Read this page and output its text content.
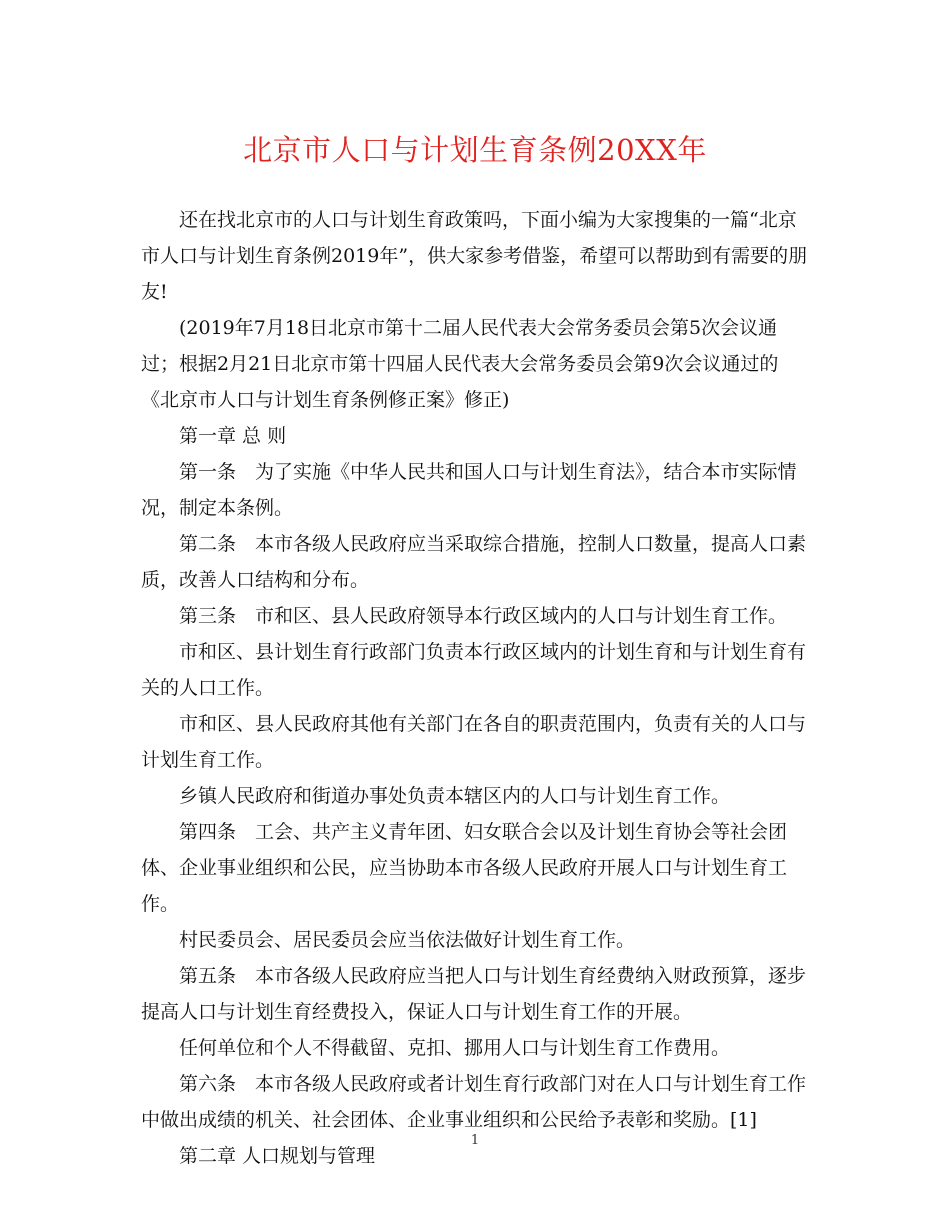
北京市人口与计划生育条例20XX年

还在找北京市的人口与计划生育政策吗，下面小编为大家搜集的一篇“北京市人口与计划生育条例2019年”，供大家参考借鉴，希望可以帮助到有需要的朋友!

(2019年7月18日北京市第十二届人民代表大会常务委员会第5次会议通过；根据2月21日北京市第十四届人民代表大会常务委员会第9次会议通过的《北京市人口与计划生育条例修正案》修正)

第一章 总 则

第一条　为了实施《中华人民共和国人口与计划生育法》，结合本市实际情况，制定本条例。

第二条　本市各级人民政府应当采取综合措施，控制人口数量，提高人口素质，改善人口结构和分布。

第三条　市和区、县人民政府领导本行政区域内的人口与计划生育工作。

市和区、县计划生育行政部门负责本行政区域内的计划生育和与计划生育有关的人口工作。

市和区、县人民政府其他有关部门在各自的职责范围内，负责有关的人口与计划生育工作。

乡镇人民政府和街道办事处负责本辖区内的人口与计划生育工作。

第四条　工会、共产主义青年团、妇女联合会以及计划生育协会等社会团体、企业事业组织和公民，应当协助本市各级人民政府开展人口与计划生育工作。

村民委员会、居民委员会应当依法做好计划生育工作。

第五条　本市各级人民政府应当把人口与计划生育经费纳入财政预算，逐步提高人口与计划生育经费投入，保证人口与计划生育工作的开展。

任何单位和个人不得截留、克扣、挪用人口与计划生育工作费用。

第六条　本市各级人民政府或者计划生育行政部门对在人口与计划生育工作中做出成绩的机关、社会团体、企业事业组织和公民给予表彰和奖励。[1]

第二章 人口规划与管理

1
